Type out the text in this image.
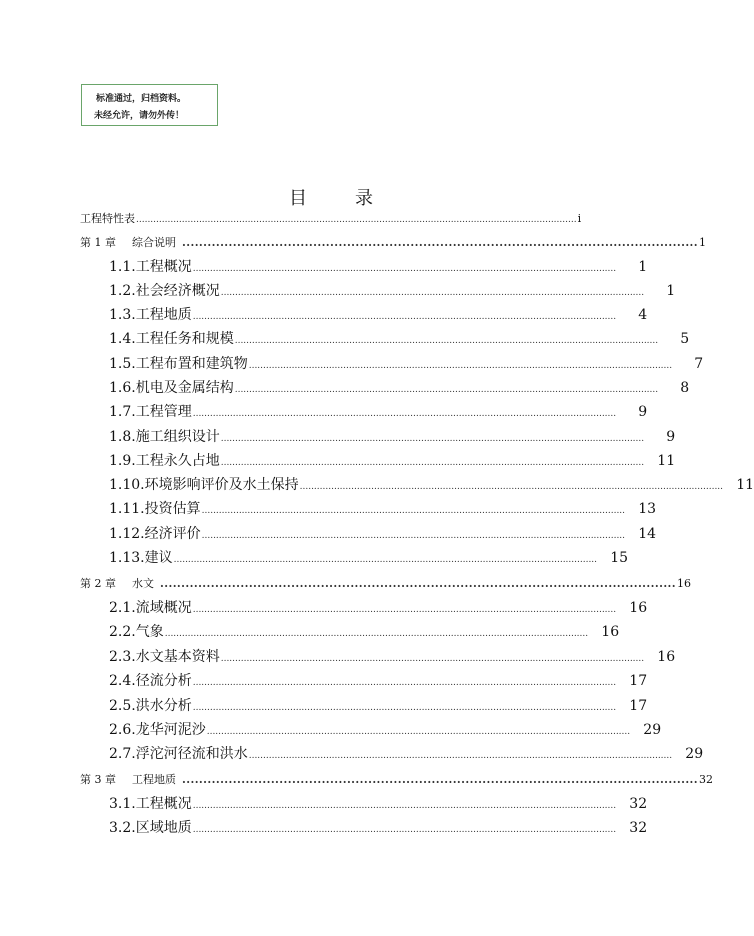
标准通过，归档资料。
未经允许，请勿外传！
目	录
工程特性表 .......................................................................................................................................................... i
第 1 章 综合说明 .......................................................................................................................... 1
1.1. 工程概况 ....................................................................................................................................................	1
1.2. 社会经济概况 ....................................................................................................................................................	1
1.3. 工程地质 ....................................................................................................................................................	4
1.4. 工程任务和规模 ....................................................................................................................................................	5
1.5. 工程布置和建筑物 ....................................................................................................................................................	7
1.6. 机电及金属结构 ....................................................................................................................................................	8
1.7. 工程管理 ....................................................................................................................................................	9
1.8. 施工组织设计 ....................................................................................................................................................	9
1.9. 工程永久占地 .................................................................................................................................................... 11
1.10. 环境影响评价及水土保持 .................................................................................................................................................... 11
1.11. 投资估算 .................................................................................................................................................... 13
1.12. 经济评价 .................................................................................................................................................... 14
1.13. 建议 .................................................................................................................................................... 15
第 2 章 水文 .......................................................................................................................... 16
2.1. 流域概况 .................................................................................................................................................... 16
2.2. 气象 .................................................................................................................................................... 16
2.3. 水文基本资料 .................................................................................................................................................... 16
2.4. 径流分析 .................................................................................................................................................... 17
2.5. 洪水分析 .................................................................................................................................................... 17
2.6. 龙华河泥沙 .................................................................................................................................................... 29
2.7. 浮沱河径流和洪水 .................................................................................................................................................... 29
第 3 章 工程地质 .......................................................................................................................... 32
3.1. 工程概况 .................................................................................................................................................... 32
3.2. 区域地质 .................................................................................................................................................... 32
